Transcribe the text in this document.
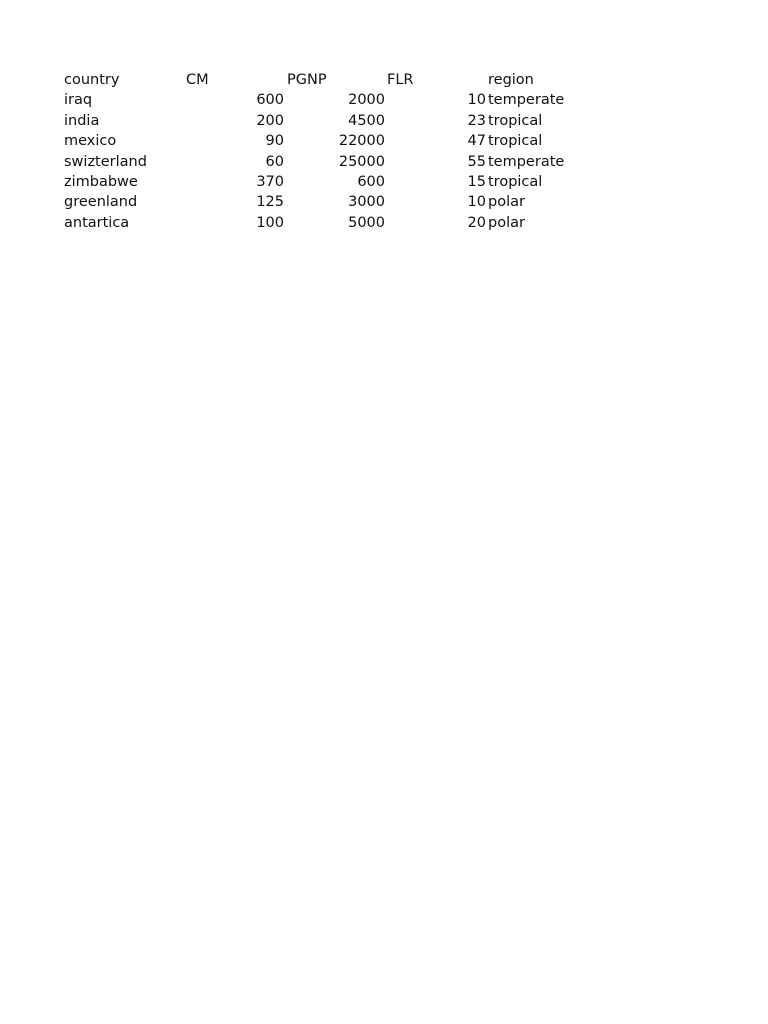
country	CM	PGNP	FLR	region
iraq	600	2000	10 temperate
india	200	4500	23 tropical
mexico	90	22000	47 tropical
swizterland	60	25000	55 temperate
zimbabwe	370	600	15 tropical
greenland	125	3000	10 polar
antartica	100	5000	20 polar
